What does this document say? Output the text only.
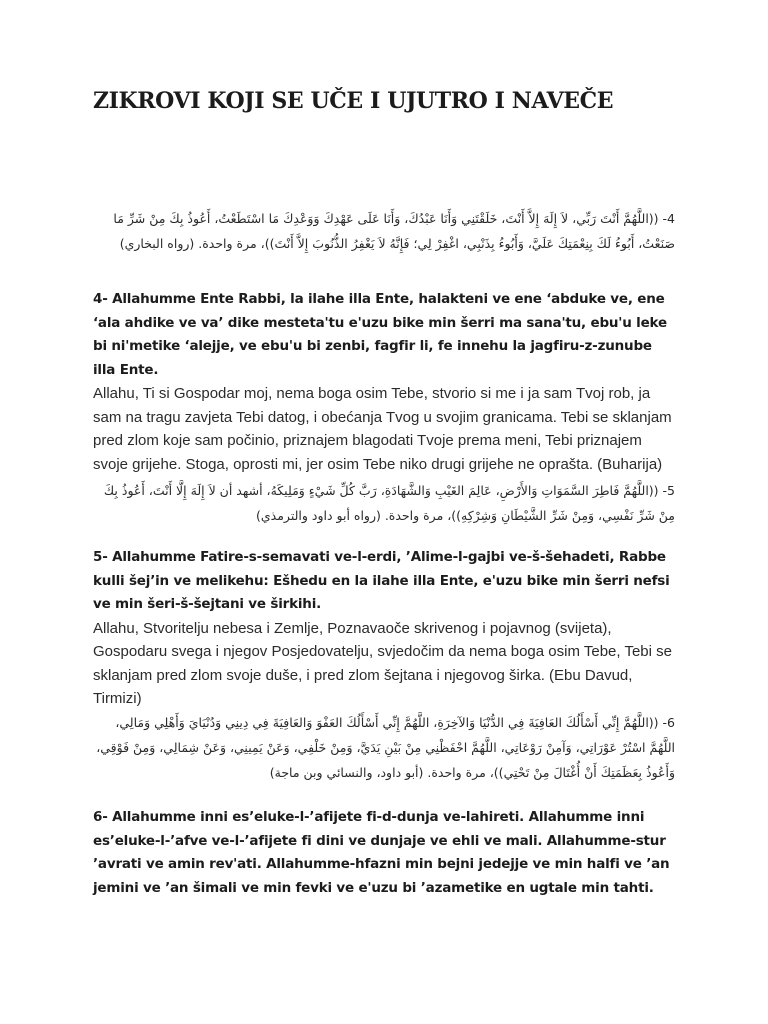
ZIKROVI KOJI SE UČE I UJUTRO I NAVEČE

4- ((اللَّهُمَّ أَنْتَ رَبِّي، لاَ إِلَهَ إِلاَّ أَنْتَ، خَلَقْتَنِي وَأَنَا عَبْدُكَ، وَأَنَا عَلَى عَهْدِكَ وَوَعْدِكَ مَا اسْتَطَعْتُ، أَعُوذُ بِكَ مِنْ شَرِّ مَا صَنَعْتُ، أَبُوءُ لَكَ بِنِعْمَتِكَ عَلَيَّ، وَأَبُوءُ بِذَنْبِي، اغْفِرْ لِي؛ فَإِنَّهُ لاَ يَغْفِرُ الذُّنُوبَ إِلاَّ أَنْتَ))، مرة واحدة. (رواه البخاري)

4- Allahumme Ente Rabbi, la ilahe illa Ente, halakteni ve ene ‘abduke ve, ene ‘ala ahdike ve va’ dike mesteta'tu e'uzu bike min šerri ma sana'tu, ebu'u leke bi ni'metike ‘alejje, ve ebu'u bi zenbi, fagfir li, fe innehu la jagfiru-z-zunube illa Ente.

Allahu, Ti si Gospodar moj, nema boga osim Tebe, stvorio si me i ja sam Tvoj rob, ja sam na tragu zavjeta Tebi datog, i obećanja Tvog u svojim granicama. Tebi se sklanjam pred zlom koje sam počinio, priznajem blagodati Tvoje prema meni, Tebi priznajem svoje grijehe. Stoga, oprosti mi, jer osim Tebe niko drugi grijehe ne oprašta. (Buharija)

5- ((اللَّهُمَّ فَاطِرَ السَّمَوَاتِ وَالأَرْضِ، عَالِمَ الغَيْبِ وَالشَّهَادَةِ، رَبَّ كُلِّ شَيْءٍ وَمَلِيكَهُ، أشهد أن لاَ إِلَهَ إِلَّا أَنْتَ، أَعُوذُ بِكَ مِنْ شَرِّ نَفْسِي، وَمِنْ شَرِّ الشَّيْطَانِ وَشِرْكِهِ))، مرة واحدة. (رواه أبو داود والترمذي)

5- Allahumme Fatire-s-semavati ve-l-erdi, ’Alime-l-gajbi ve-š-šehadeti, Rabbe kulli šej’in ve melikehu: Ešhedu en la ilahe illa Ente, e'uzu bike min šerri nefsi ve min šeri-š-šejtani ve širkihi.

Allahu, Stvoritelju nebesa i Zemlje, Poznavaoče skrivenog i pojavnog (svijeta), Gospodaru svega i njegov Posjedovatelju, svjedočim da nema boga osim Tebe, Tebi se sklanjam pred zlom svoje duše, i pred zlom šejtana i njegovog širka. (Ebu Davud, Tirmizi)

6- ((اللَّهُمَّ إِنِّي أَسْأَلُكَ العَافِيَةَ فِي الدُّنْيَا وَالآخِرَةِ، اللَّهُمَّ إِنِّي أَسْأَلُكَ العَفْوَ وَالعَافِيَةَ فِي دِينِي وَدُنْيَايَ وَأَهْلِي وَمَالِي، اللَّهُمَّ اسْتُرْ عَوْرَاتِي، وَآمِنْ رَوْعَاتِي، اللَّهُمَّ احْفَظْنِي مِنْ بَيْنِ يَدَيَّ، وَمِنْ خَلْفِي، وَعَنْ يَمِينِي، وَعَنْ شِمَالِي، وَمِنْ فَوْقِي، وَأَعُوذُ بِعَظَمَتِكَ أَنْ أُغْتَالَ مِنْ تَحْتِي))، مرة واحدة. (أبو داود، والنسائي وبن ماجة)

6- Allahumme inni es’eluke-l-’afijete fi-d-dunja ve-lahireti. Allahumme inni es’eluke-l-’afve ve-l-’afijete fi dini ve dunjaje ve ehli ve mali. Allahumme-stur ’avrati ve amin rev'ati. Allahumme-hfazni min bejni jedejje ve min halfi ve ’an jemini ve ’an šimali ve min fevki ve e'uzu bi ’azametike en ugtale min tahti.
